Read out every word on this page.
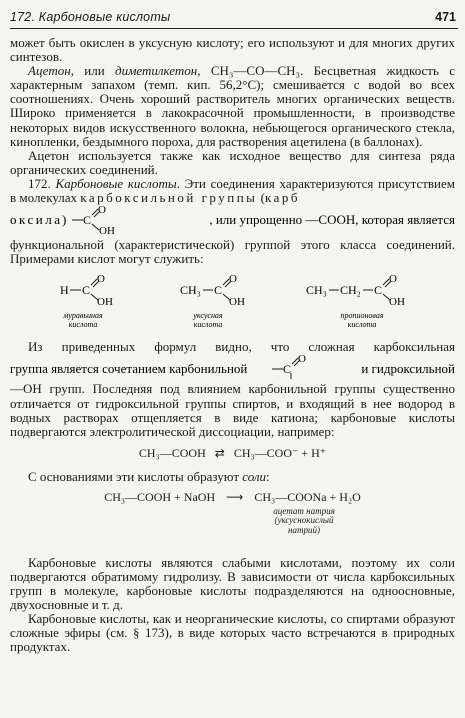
172. Карбоновые кислоты	471

может быть окислен в уксусную кислоту; его используют и для многих других синтезов.

Ацетон, или диметилкетон, CH₃—CO—CH₃. Бесцветная жидкость с характерным запахом (темп. кип. 56,2°С); смешивается с водой во всех соотношениях. Очень хороший растворитель многих органических веществ. Широко применяется в лакокрасочной промышленности, в производстве некоторых видов искусственного волокна, небьющегося органического стекла, кинопленки, бездымного пороха, для растворения ацетилена (в баллонах).

Ацетон используется также как исходное вещество для синтеза ряда органических соединений.

172. Карбоновые кислоты. Эти соединения характеризуются присутствием в молекулах карбоксильной группы (карб

оксила ) C
O
OH
, или упрощенно —COOH, которая является

функциональной (характеристической) группой этого класса соединений. Примерами кислот могут служить:

H C
O
OH
муравьиная
кислота
CH₃ C
O
OH
уксусная
кислота
CH₃ CH₂ C
O
OH
пропионовая
кислота

Из приведенных формул видно, что сложная карбоксильная

группа является сочетанием карбонильной	C
O
и гидроксильной

—OH групп. Последняя под влиянием карбонильной группы существенно отличается от гидроксильной группы спиртов, и входящий в нее водород в водных растворах отщепляется в виде катиона; карбоновые кислоты подвергаются электролитической диссоциации, например:

CH₃—COOH ⇄ CH₃—COO⁻ + H⁺

С основаниями эти кислоты образуют соли:

CH₃—COOH + NaOH ⟶ CH₃—COONa + H₂O
ацетат натрия
(уксуснокислый
натрий)

Карбоновые кислоты являются слабыми кислотами, поэтому их соли подвергаются обратимому гидролизу. В зависимости от числа карбоксильных групп в молекуле, карбоновые кислоты подразделяются на одноосновные, двухосновные и т. д.

Карбоновые кислоты, как и неорганические кислоты, со спиртами образуют сложные эфиры (см. § 173), в виде которых часто встречаются в природных продуктах.
